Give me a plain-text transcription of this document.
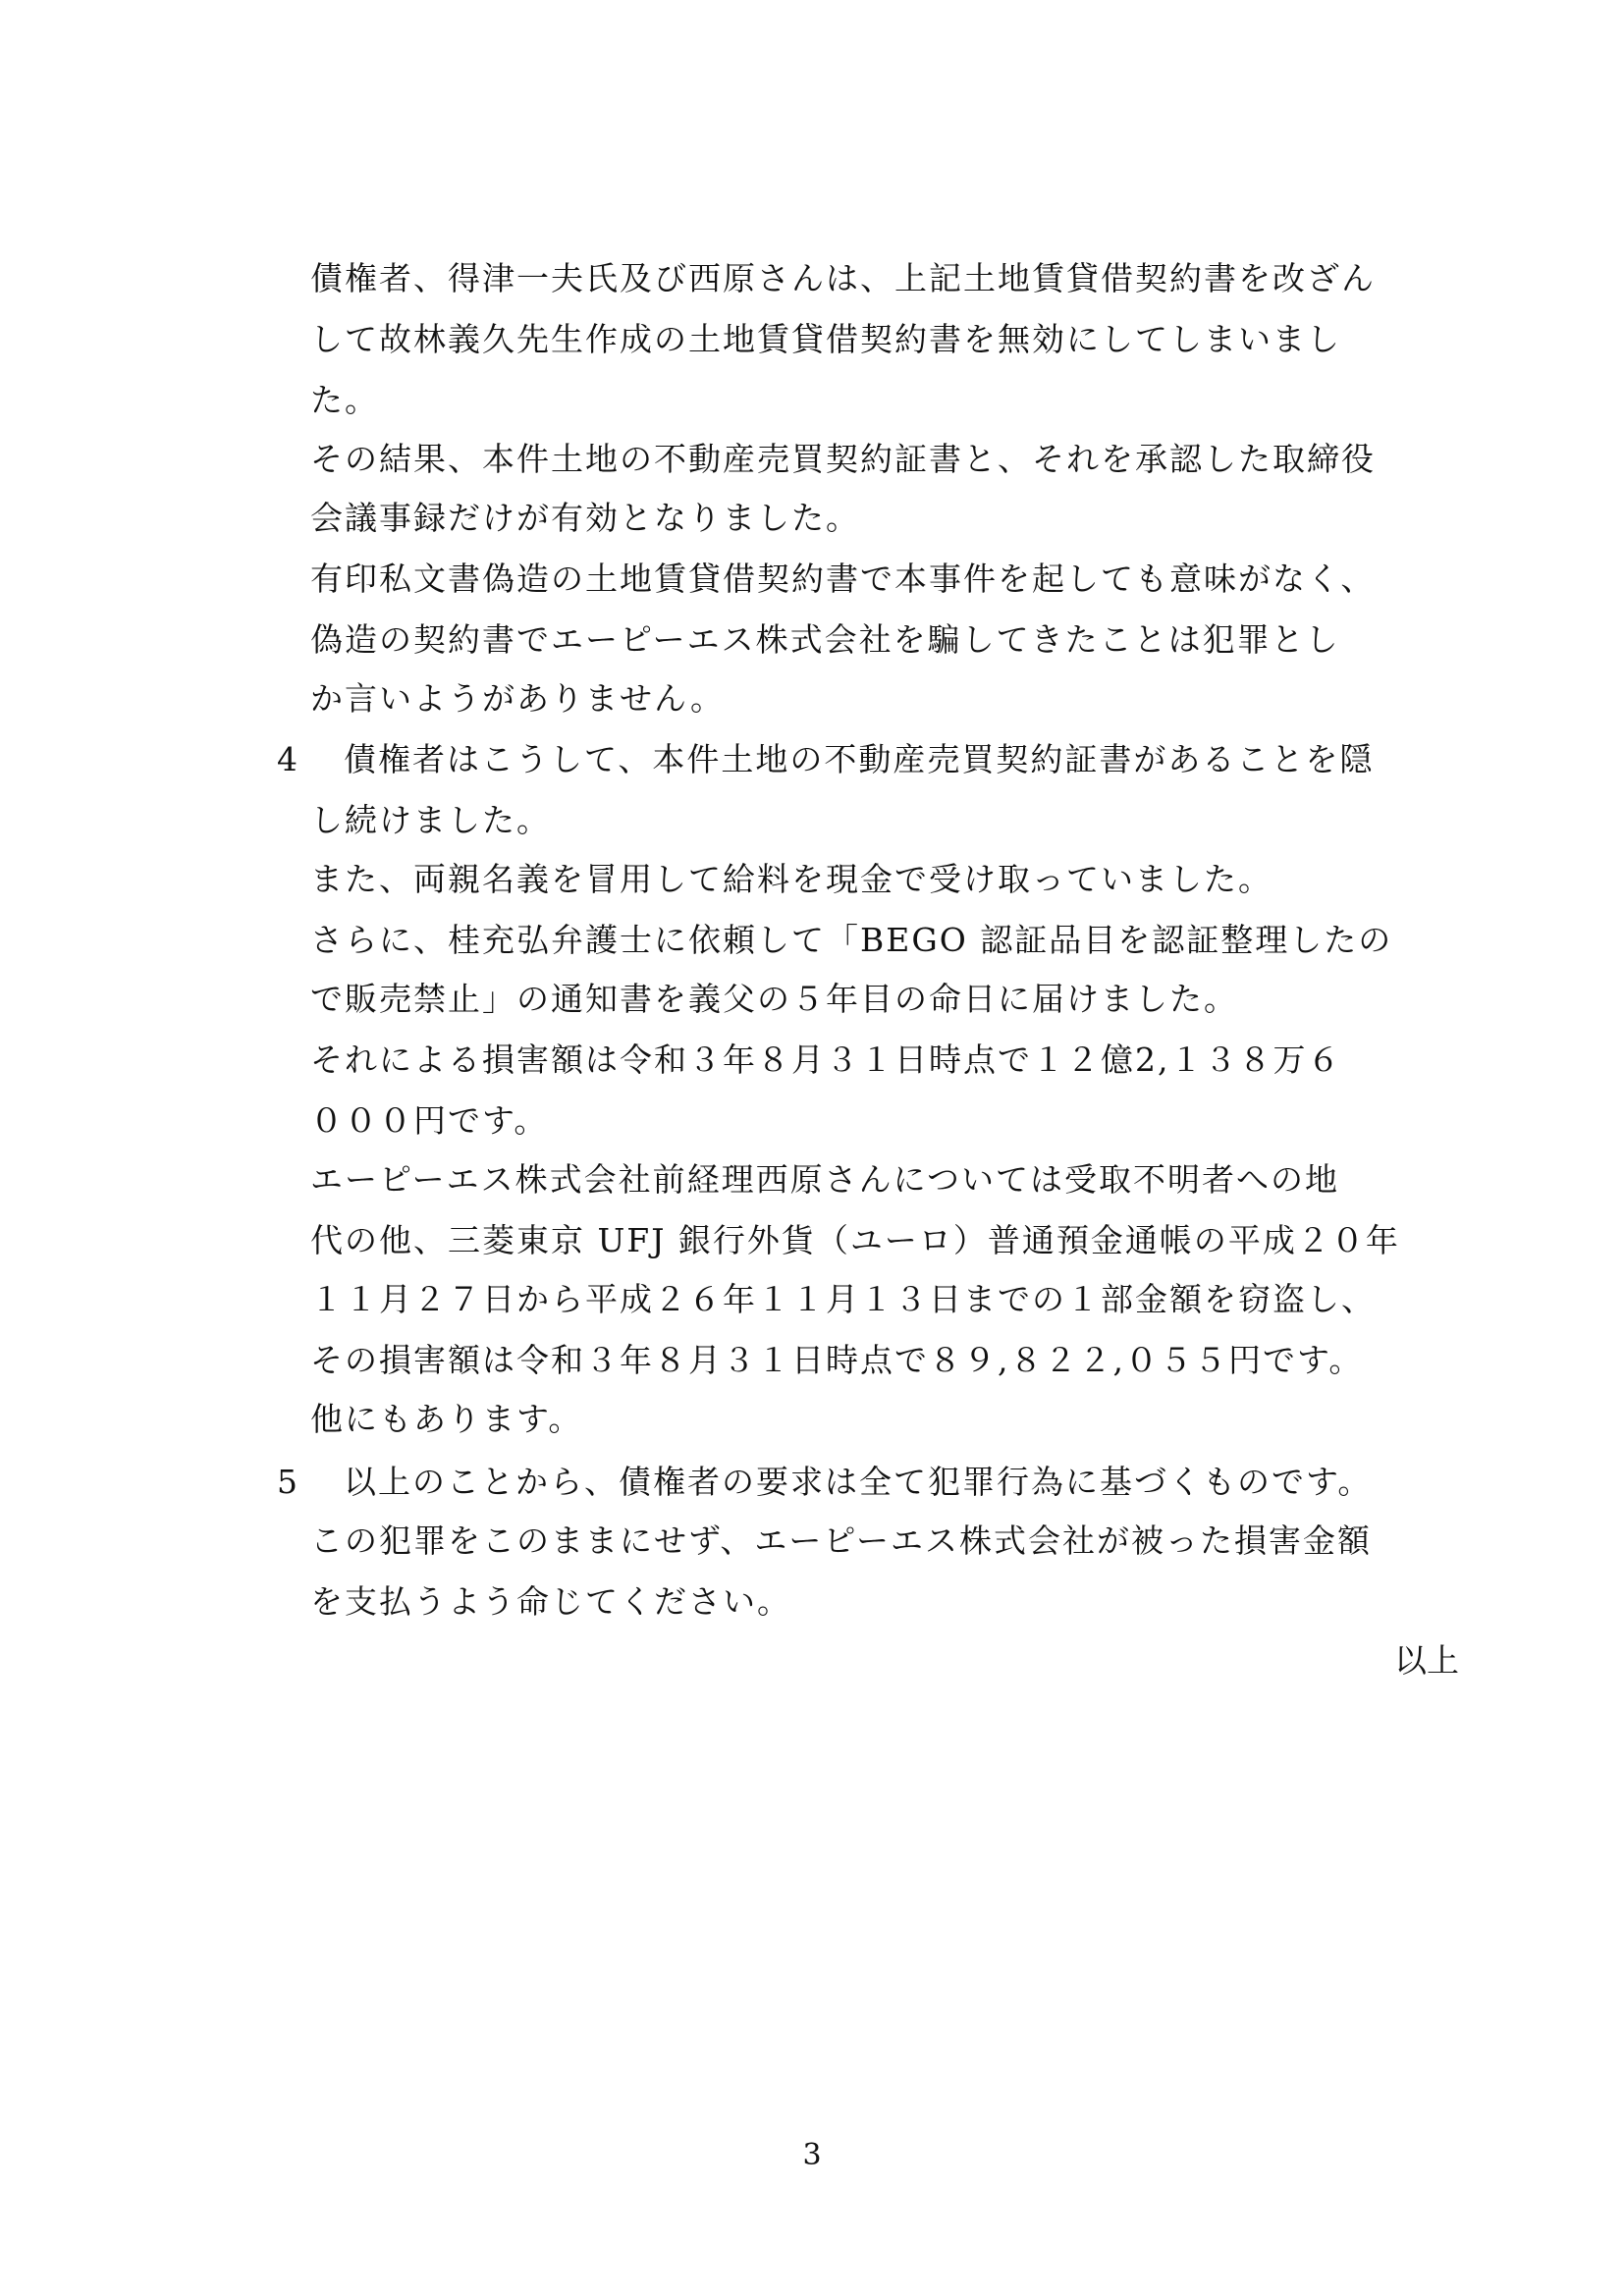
債権者、得津一夫氏及び西原さんは、上記土地賃貸借契約書を改ざん
して故林義久先生作成の土地賃貸借契約書を無効にしてしまいまし
た。
その結果、本件土地の不動産売買契約証書と、それを承認した取締役
会議事録だけが有効となりました。
有印私文書偽造の土地賃貸借契約書で本事件を起しても意味がなく、
偽造の契約書でエーピーエス株式会社を騙してきたことは犯罪とし
か言いようがありません。
4 債権者はこうして、本件土地の不動産売買契約証書があることを隠
し続けました。
また、両親名義を冒用して給料を現金で受け取っていました。
さらに、桂充弘弁護士に依頼して「BEGO 認証品目を認証整理したの
で販売禁止」の通知書を義父の５年目の命日に届けました。
それによる損害額は令和３年８月３１日時点で１２億2,１３８万６
０００円です。
エーピーエス株式会社前経理西原さんについては受取不明者への地
代の他、三菱東京 UFJ 銀行外貨（ユーロ）普通預金通帳の平成２０年
１１月２７日から平成２６年１１月１３日までの１部金額を窃盗し、
その損害額は令和３年８月３１日時点で８９,８２２,０５５円です。
他にもあります。
5 以上のことから、債権者の要求は全て犯罪行為に基づくものです。
この犯罪をこのままにせず、エーピーエス株式会社が被った損害金額
を支払うよう命じてください。
以上
3
